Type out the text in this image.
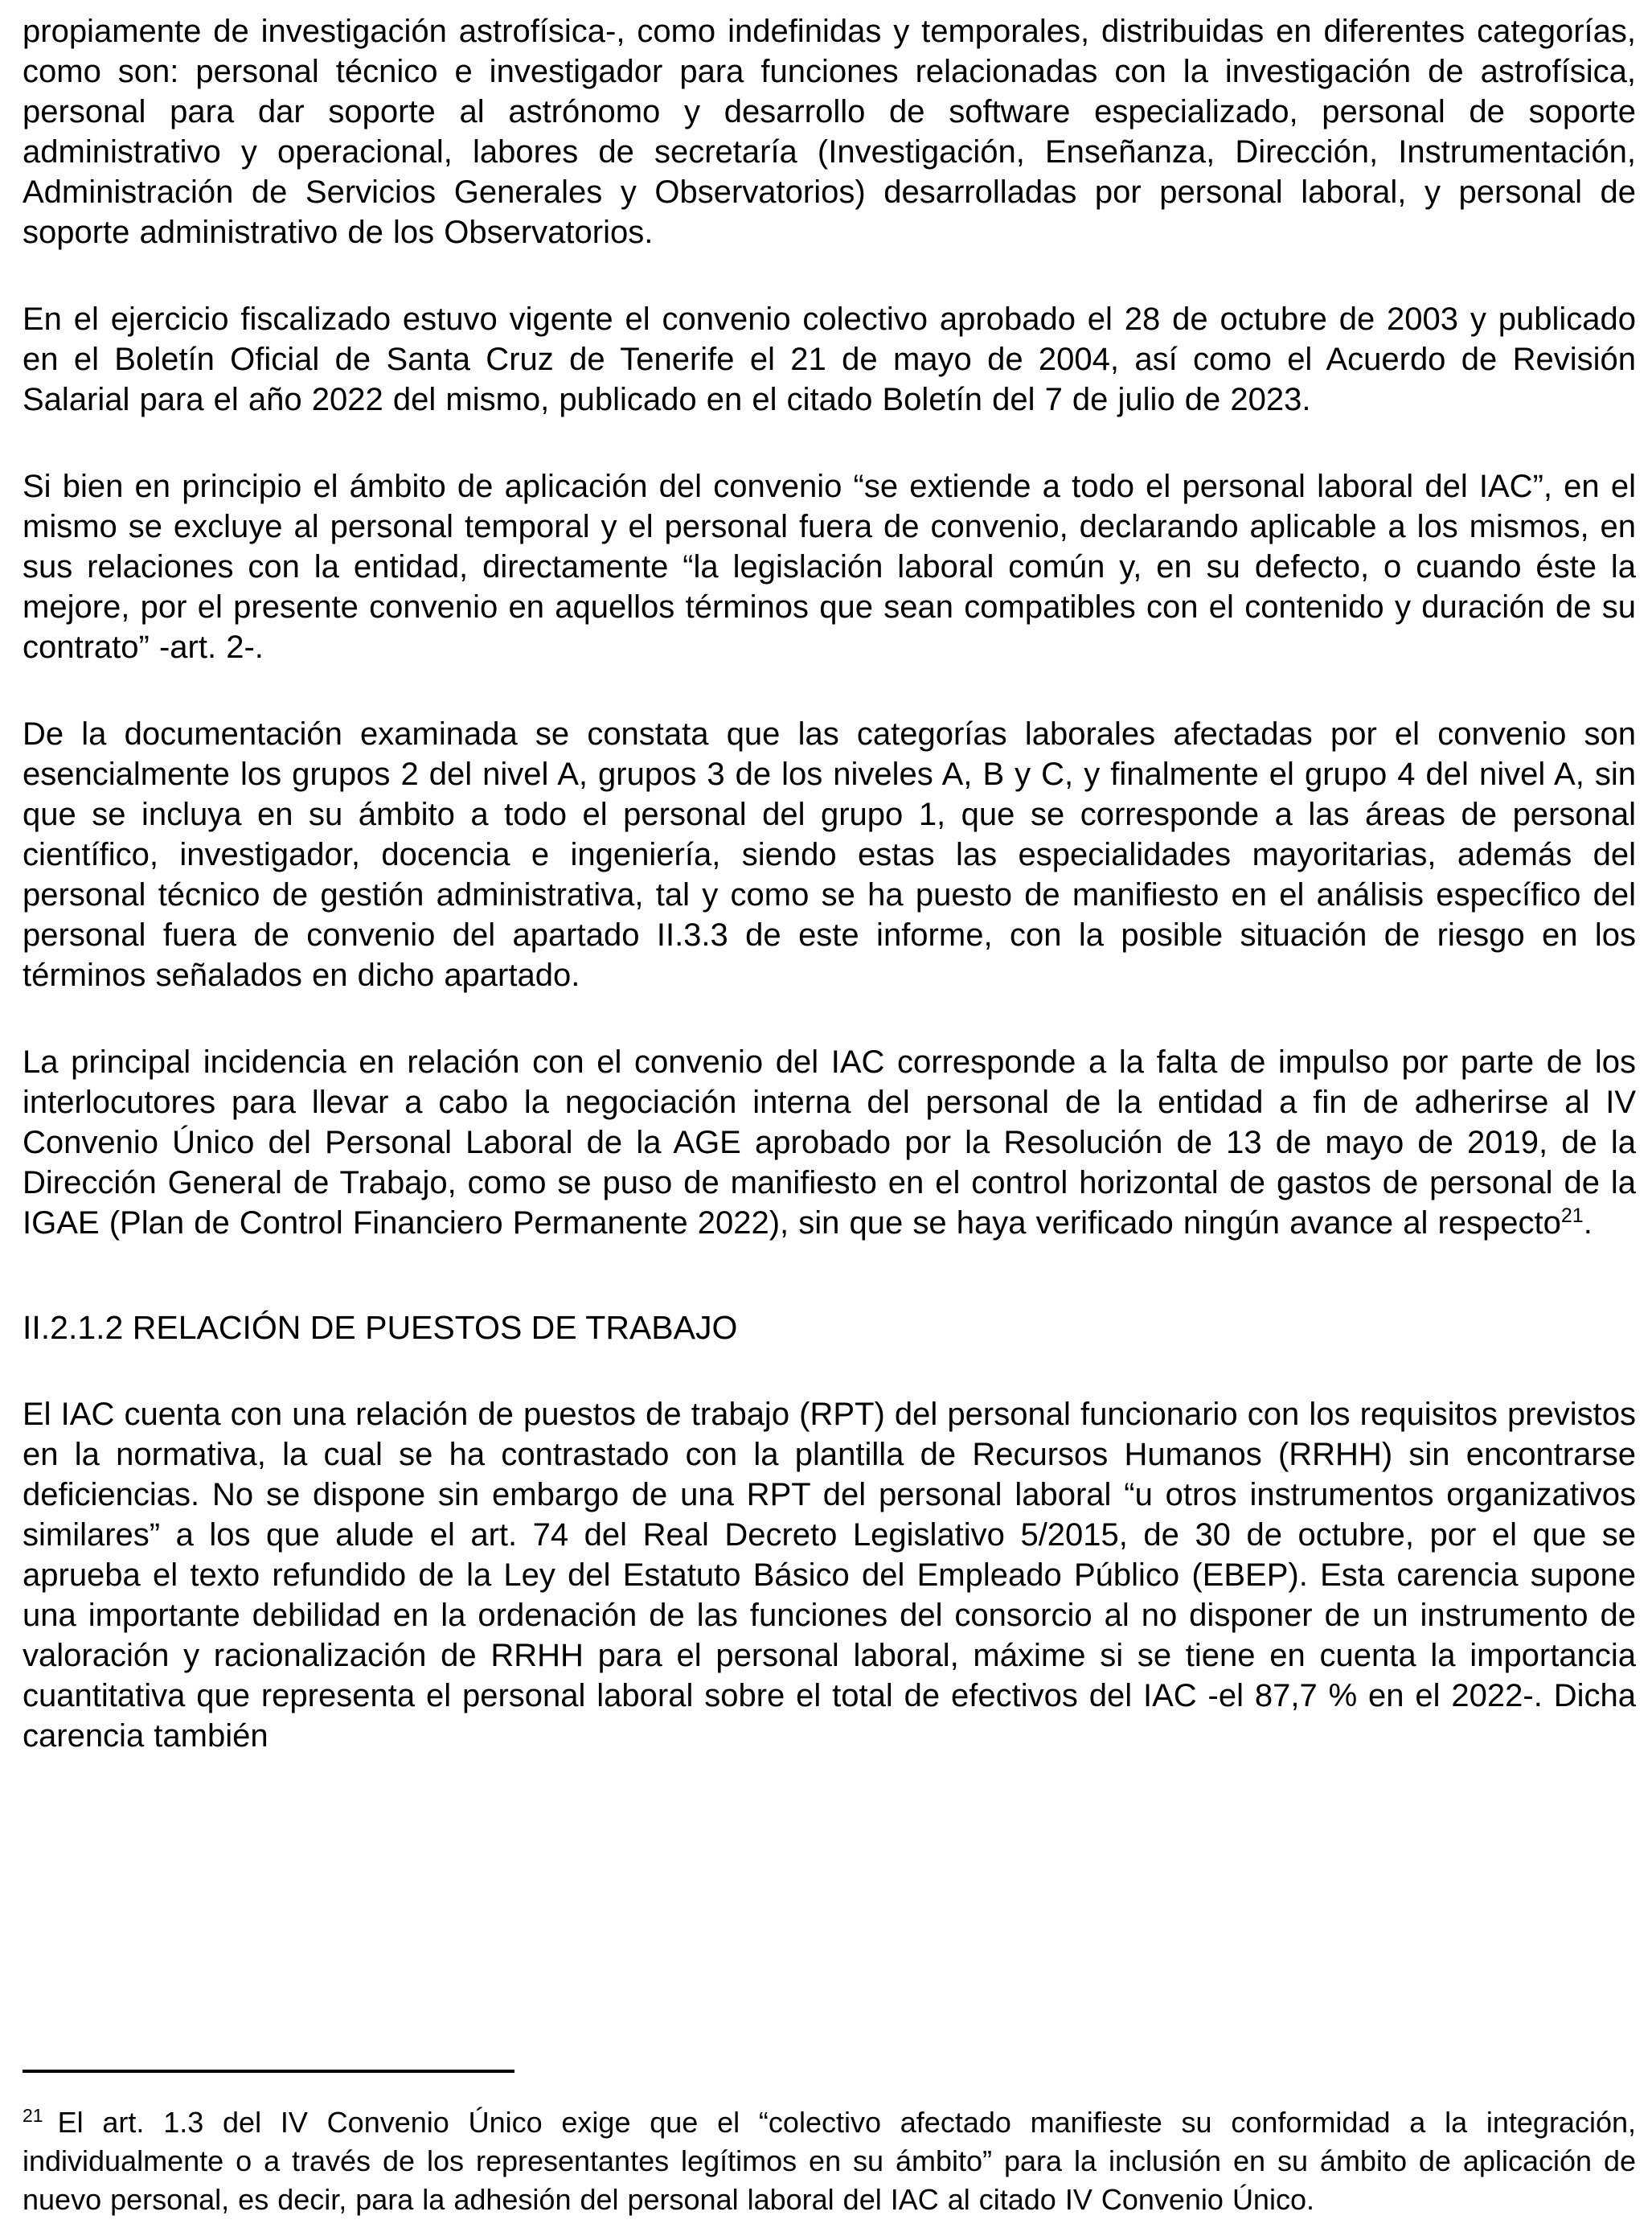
propiamente de investigación astrofísica-, como indefinidas y temporales, distribuidas en diferentes categorías, como son: personal técnico e investigador para funciones relacionadas con la investigación de astrofísica, personal para dar soporte al astrónomo y desarrollo de software especializado, personal de soporte administrativo y operacional, labores de secretaría (Investigación, Enseñanza, Dirección, Instrumentación, Administración de Servicios Generales y Observatorios) desarrolladas por personal laboral, y personal de soporte administrativo de los Observatorios.

En el ejercicio fiscalizado estuvo vigente el convenio colectivo aprobado el 28 de octubre de 2003 y publicado en el Boletín Oficial de Santa Cruz de Tenerife el 21 de mayo de 2004, así como el Acuerdo de Revisión Salarial para el año 2022 del mismo, publicado en el citado Boletín del 7 de julio de 2023.

Si bien en principio el ámbito de aplicación del convenio “se extiende a todo el personal laboral del IAC”, en el mismo se excluye al personal temporal y el personal fuera de convenio, declarando aplicable a los mismos, en sus relaciones con la entidad, directamente “la legislación laboral común y, en su defecto, o cuando éste la mejore, por el presente convenio en aquellos términos que sean compatibles con el contenido y duración de su contrato” -art. 2-.

De la documentación examinada se constata que las categorías laborales afectadas por el convenio son esencialmente los grupos 2 del nivel A, grupos 3 de los niveles A, B y C, y finalmente el grupo 4 del nivel A, sin que se incluya en su ámbito a todo el personal del grupo 1, que se corresponde a las áreas de personal científico, investigador, docencia e ingeniería, siendo estas las especialidades mayoritarias, además del personal técnico de gestión administrativa, tal y como se ha puesto de manifiesto en el análisis específico del personal fuera de convenio del apartado II.3.3 de este informe, con la posible situación de riesgo en los términos señalados en dicho apartado.

La principal incidencia en relación con el convenio del IAC corresponde a la falta de impulso por parte de los interlocutores para llevar a cabo la negociación interna del personal de la entidad a fin de adherirse al IV Convenio Único del Personal Laboral de la AGE aprobado por la Resolución de 13 de mayo de 2019, de la Dirección General de Trabajo, como se puso de manifiesto en el control horizontal de gastos de personal de la IGAE (Plan de Control Financiero Permanente 2022), sin que se haya verificado ningún avance al respecto$^{21}$.

II.2.1.2 RELACIÓN DE PUESTOS DE TRABAJO

El IAC cuenta con una relación de puestos de trabajo (RPT) del personal funcionario con los requisitos previstos en la normativa, la cual se ha contrastado con la plantilla de Recursos Humanos (RRHH) sin encontrarse deficiencias. No se dispone sin embargo de una RPT del personal laboral “u otros instrumentos organizativos similares” a los que alude el art. 74 del Real Decreto Legislativo 5/2015, de 30 de octubre, por el que se aprueba el texto refundido de la Ley del Estatuto Básico del Empleado Público (EBEP). Esta carencia supone una importante debilidad en la ordenación de las funciones del consorcio al no disponer de un instrumento de valoración y racionalización de RRHH para el personal laboral, máxime si se tiene en cuenta la importancia cuantitativa que representa el personal laboral sobre el total de efectivos del IAC -el 87,7 % en el 2022-. Dicha carencia también

$^{21}$ El art. 1.3 del IV Convenio Único exige que el “colectivo afectado manifieste su conformidad a la integración, individualmente o a través de los representantes legítimos en su ámbito” para la inclusión en su ámbito de aplicación de nuevo personal, es decir, para la adhesión del personal laboral del IAC al citado IV Convenio Único.
